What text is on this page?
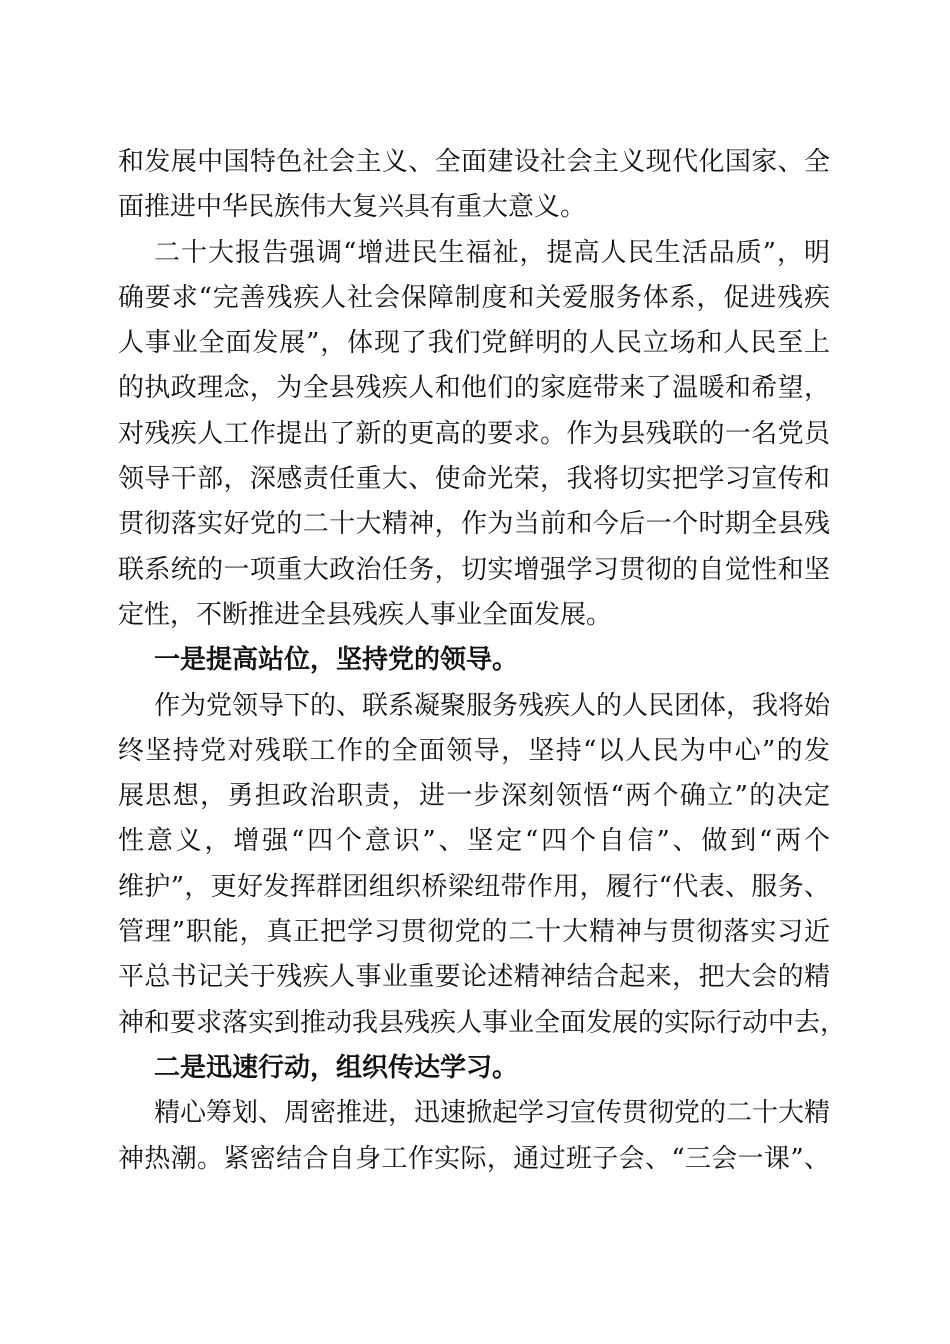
和发展中国特色社会主义、全面建设社会主义现代化国家、全
面推进中华民族伟大复兴具有重大意义。
二十大报告强调“增进民生福祉，提高人民生活品质”，明
确要求“完善残疾人社会保障制度和关爱服务体系，促进残疾
人事业全面发展”，体现了我们党鲜明的人民立场和人民至上
的执政理念，为全县残疾人和他们的家庭带来了温暖和希望，
对残疾人工作提出了新的更高的要求。作为县残联的一名党员
领导干部，深感责任重大、使命光荣，我将切实把学习宣传和
贯彻落实好党的二十大精神，作为当前和今后一个时期全县残
联系统的一项重大政治任务，切实增强学习贯彻的自觉性和坚
定性，不断推进全县残疾人事业全面发展。
一是提高站位，坚持党的领导。
作为党领导下的、联系凝聚服务残疾人的人民团体，我将始
终坚持党对残联工作的全面领导，坚持“以人民为中心”的发
展思想，勇担政治职责，进一步深刻领悟“两个确立”的决定
性意义，增强“四个意识”、坚定“四个自信”、做到“两个
维护”，更好发挥群团组织桥梁纽带作用，履行“代表、服务、
管理”职能，真正把学习贯彻党的二十大精神与贯彻落实习近
平总书记关于残疾人事业重要论述精神结合起来，把大会的精
神和要求落实到推动我县残疾人事业全面发展的实际行动中去，
二是迅速行动，组织传达学习。
精心筹划、周密推进，迅速掀起学习宣传贯彻党的二十大精
神热潮。紧密结合自身工作实际，通过班子会、“三会一课”、
